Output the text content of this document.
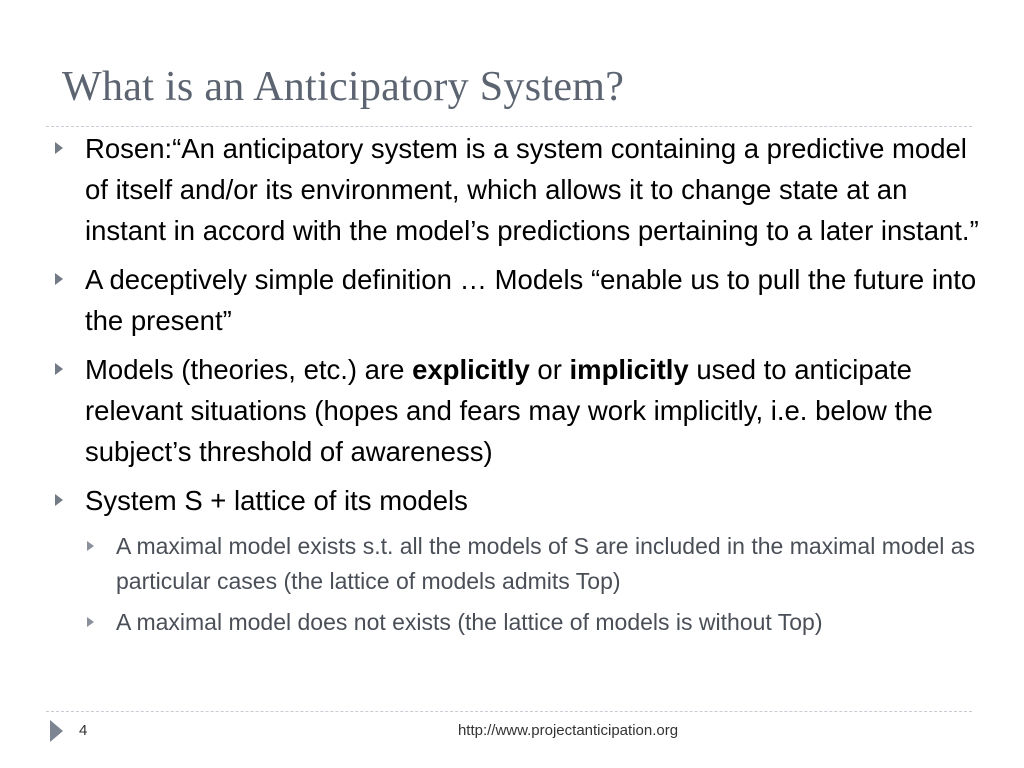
What is an Anticipatory System?
Rosen:“An anticipatory system is a system containing a predictive model of itself and/or its environment, which allows it to change state at an instant in accord with the model’s predictions pertaining to a later instant.”
A deceptively simple definition … Models “enable us to pull the future into the present”
Models (theories, etc.) are explicitly or implicitly used to anticipate relevant situations (hopes and fears may work implicitly, i.e. below the subject’s threshold of awareness)
System S + lattice of its models
A maximal model exists s.t. all the models of S are included in the maximal model as particular cases (the lattice of models admits Top)
A maximal model does not exists (the lattice of models is without Top)
4	http://www.projectanticipation.org
